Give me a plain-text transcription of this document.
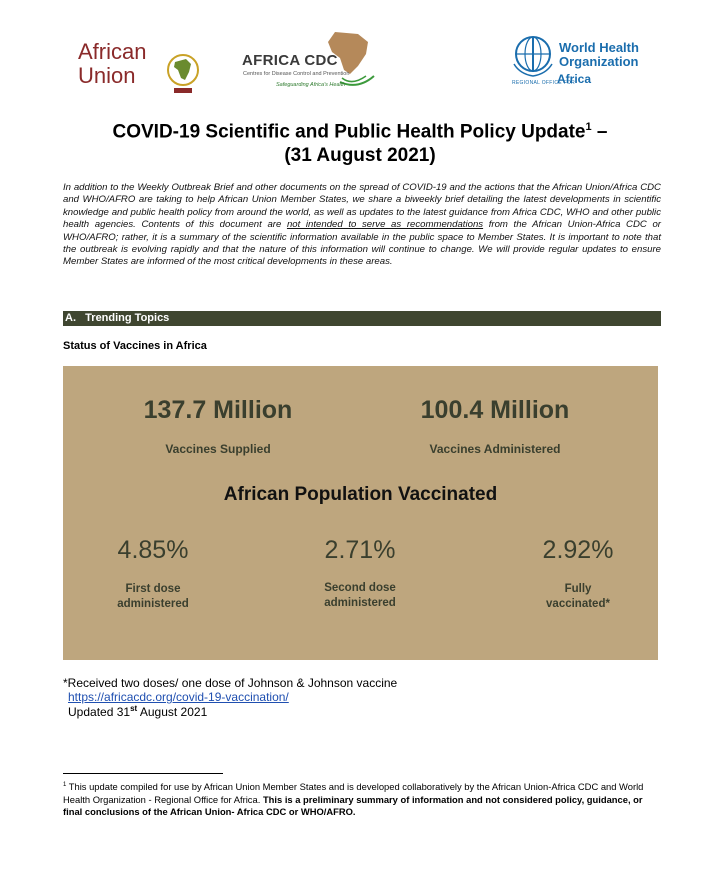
African
Union
AFRICA CDC
Centres for Disease Control and Prevention
Safeguarding Africa's Health
World Health
Organization
REGIONAL OFFICE FOR
Africa
COVID-19 Scientific and Public Health Policy Update$^1$ –
(31 August 2021)
In addition to the Weekly Outbreak Brief and other documents on the spread of COVID-19 and the actions that the African Union/Africa CDC and WHO/AFRO are taking to help African Union Member States, we share a biweekly brief detailing the latest developments in scientific knowledge and public health policy from around the world, as well as updates to the latest guidance from Africa CDC, WHO and other public health agencies. Contents of this document are not intended to serve as recommendations from the African Union-Africa CDC or WHO/AFRO; rather, it is a summary of the scientific information available in the public space to Member States. It is important to note that the outbreak is evolving rapidly and that the nature of this information will continue to change. We will provide regular updates to ensure Member States are informed of the most critical developments in these areas.
A. Trending Topics
Status of Vaccines in Africa
137.7 Million
Vaccines Supplied
100.4 Million
Vaccines Administered
African Population Vaccinated
4.85%
First dose
administered
2.71%
Second dose
administered
2.92%
Fully
vaccinated*
*Received two doses/ one dose of Johnson & Johnson vaccine
https://africacdc.org/covid-19-vaccination/
Updated 31st August 2021
$^1$ This update compiled for use by African Union Member States and is developed collaboratively by the African Union-Africa CDC and World Health Organization - Regional Office for Africa. This is a preliminary summary of information and not considered policy, guidance, or final conclusions of the African Union- Africa CDC or WHO/AFRO.
